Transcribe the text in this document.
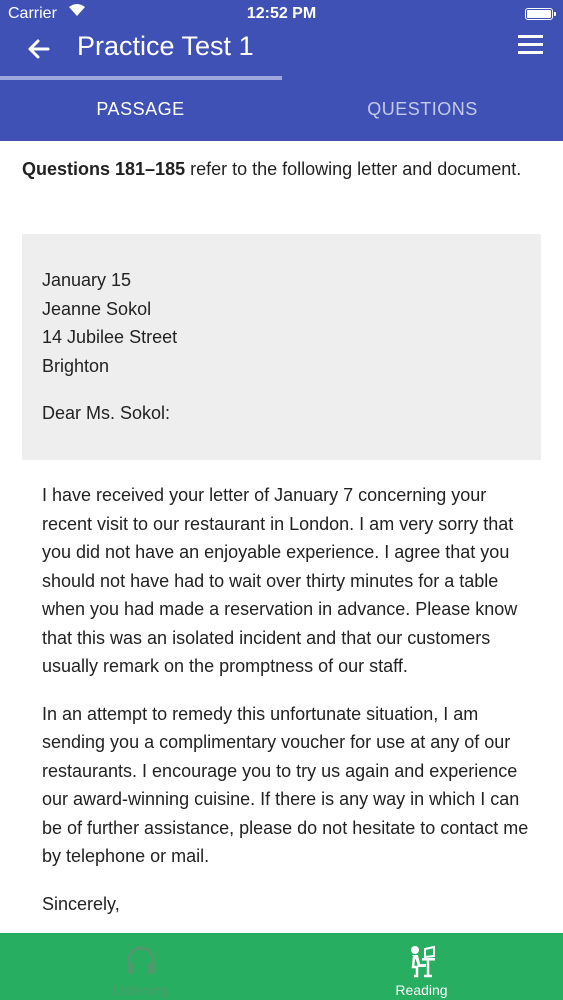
Carrier	12:52 PM
Practice Test 1
PASSAGE	QUESTIONS
Questions 181–185 refer to the following letter and document.
January 15
Jeanne Sokol
14 Jubilee Street
Brighton
Dear Ms. Sokol:

I have received your letter of January 7 concerning your recent visit to our restaurant in London. I am very sorry that you did not have an enjoyable experience. I agree that you should not have had to wait over thirty minutes for a table when you had made a reservation in advance. Please know that this was an isolated incident and that our customers usually remark on the promptness of our staff.

In an attempt to remedy this unfortunate situation, I am sending you a complimentary voucher for use at any of our restaurants. I encourage you to try us again and experience our award-winning cuisine. If there is any way in which I can be of further assistance, please do not hesitate to contact me by telephone or mail.

Sincerely,

Listening	Reading
